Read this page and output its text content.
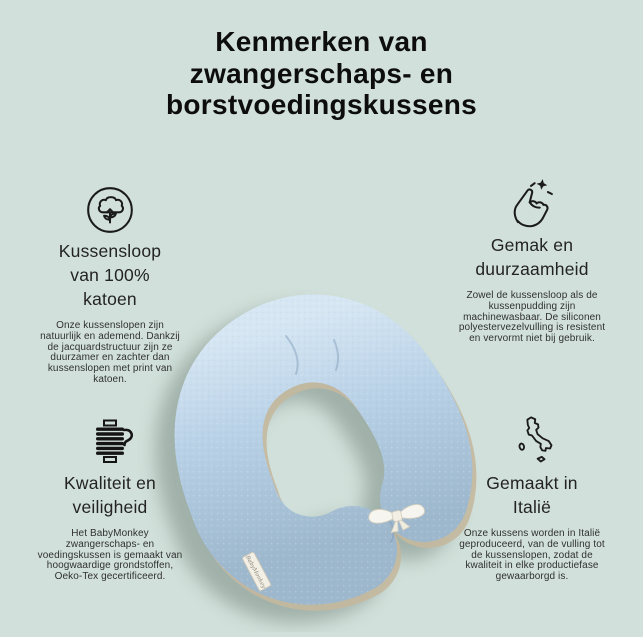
Kenmerken van
zwangerschaps- en
borstvoedingskussens
BabyMonkey
Kussensloop van 100% katoen

Onze kussenslopen zijn natuurlijk en ademend. Dankzij de jacquardstructuur zijn ze duurzamer en zachter dan kussenslopen met print van katoen.

Gemak en duurzaamheid

Zowel de kussensloop als de kussenpudding zijn machinewasbaar. De siliconen polyestervezelvulling is resistent en vervormt niet bij gebruik.

Kwaliteit en veiligheid

Het BabyMonkey zwangerschaps- en voedingskussen is gemaakt van hoogwaardige grondstoffen, Oeko-Tex gecertificeerd.

Gemaakt in Italië

Onze kussens worden in Italië geproduceerd, van de vulling tot de kussenslopen, zodat de kwaliteit in elke productiefase gewaarborgd is.
